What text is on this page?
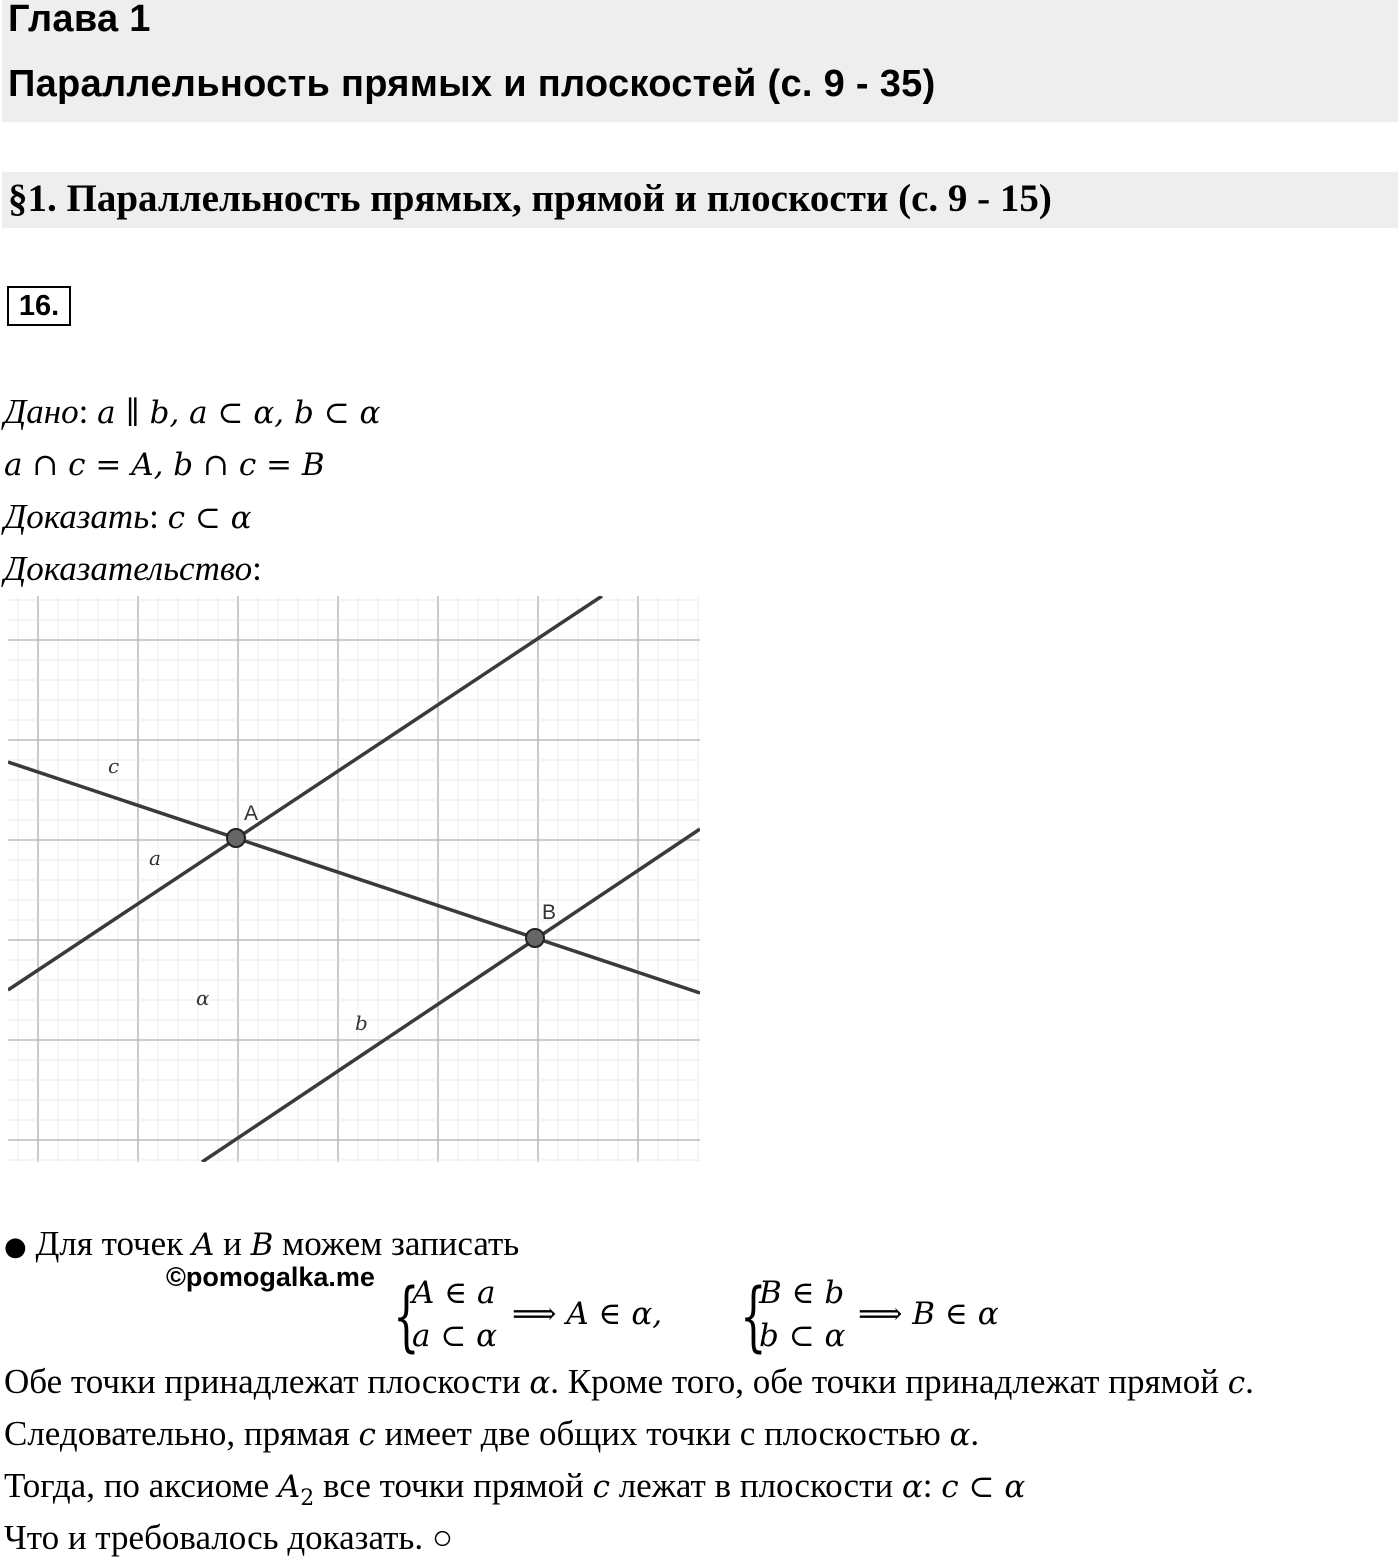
Глава 1
Параллельность прямых и плоскостей (с. 9 - 35)
§1. Параллельность прямых, прямой и плоскости (с. 9 - 15)
16.
Дано: a ∥ b, a ⊂ α, b ⊂ α
a ∩ c = A, b ∩ c = B
Доказать: c ⊂ α
Доказательство:
A
B
c
a
α
b
● Для точек A и B можем записать
©pomogalka.me {
A ∈ a
a ⊂ α
⟹ A ∈ α, {
B ∈ b
b ⊂ α
⟹ B ∈ α
Обе точки принадлежат плоскости α. Кроме того, обе точки принадлежат прямой c.
Следовательно, прямая c имеет две общих точки с плоскостью α.
Тогда, по аксиоме $A_2$ все точки прямой c лежат в плоскости α: c ⊂ α
Что и требовалось доказать. ○
